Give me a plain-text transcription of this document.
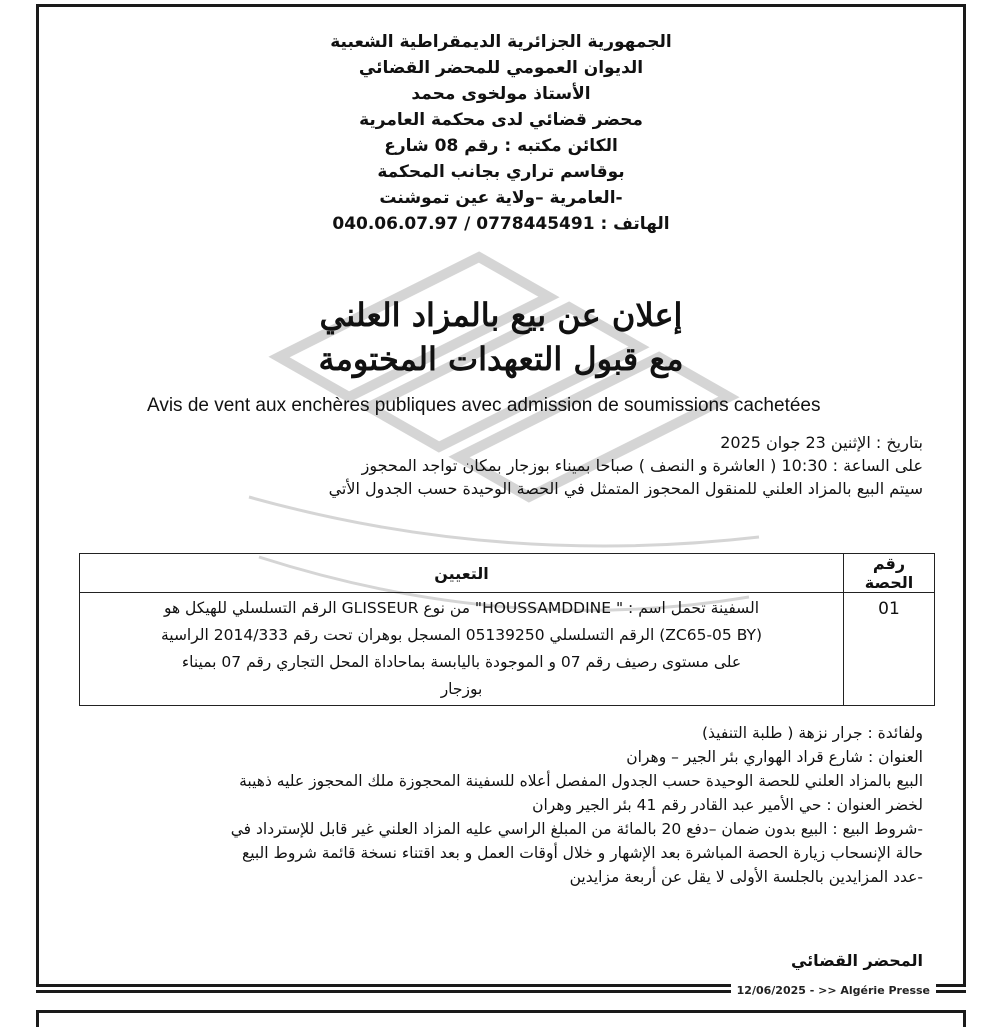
الجمهورية الجزائرية الديمقراطية الشعبية
الديوان العمومي للمحضر القضائي
الأستاذ مولخوى محمد
محضر قضائي لدى محكمة العامرية
الكائن مكتبه : رقم 08 شارع
بوقاسم تراري بجانب المحكمة
-العامرية –ولاية عين تموشنت
الهاتف : 0778445491 / 040.06.07.97
إعلان عن بيع بالمزاد العلني
مع قبول التعهدات المختومة
Avis de vent aux enchères publiques avec admission de soumissions cachetées
بتاريخ : الإثنين 23 جوان 2025
على الساعة : 10:30 ( العاشرة و النصف ) صباحا بميناء بوزجار بمكان تواجد المحجوز
سيتم البيع بالمزاد العلني للمنقول المحجوز المتمثل في الحصة الوحيدة حسب الجدول الأتي
رقم الحصة	التعيين
01	السفينة تحمل اسم : " HOUSSAMDDINE" من نوع GLISSEUR الرقم التسلسلي للهيكل هو
(ZC65-05 BY) الرقم التسلسلي 05139250 المسجل بوهران تحت رقم 2014/333 الراسية
على مستوى رصيف رقم 07 و الموجودة باليابسة بماحاداة المحل التجاري رقم 07 بميناء
بوزجار
ولفائدة : جرار نزهة ( طلبة التنفيذ)
العنوان : شارع قراد الهواري بئر الجير – وهران
البيع بالمزاد العلني للحصة الوحيدة حسب الجدول المفصل أعلاه للسفينة المحجوزة ملك المحجوز عليه ذهيبة
لخضر العنوان : حي الأمير عبد القادر رقم 41 بئر الجير وهران
-شروط البيع : البيع بدون ضمان –دفع 20 بالمائة من المبلغ الراسي عليه المزاد العلني غير قابل للإسترداد في
حالة الإنسحاب زيارة الحصة المباشرة بعد الإشهار و خلال أوقات العمل و بعد اقتناء نسخة قائمة شروط البيع
-عدد المزايدين بالجلسة الأولى لا يقل عن أربعة مزايدين
المحضر القضائي
12/06/2025 - >> Algérie Presse
